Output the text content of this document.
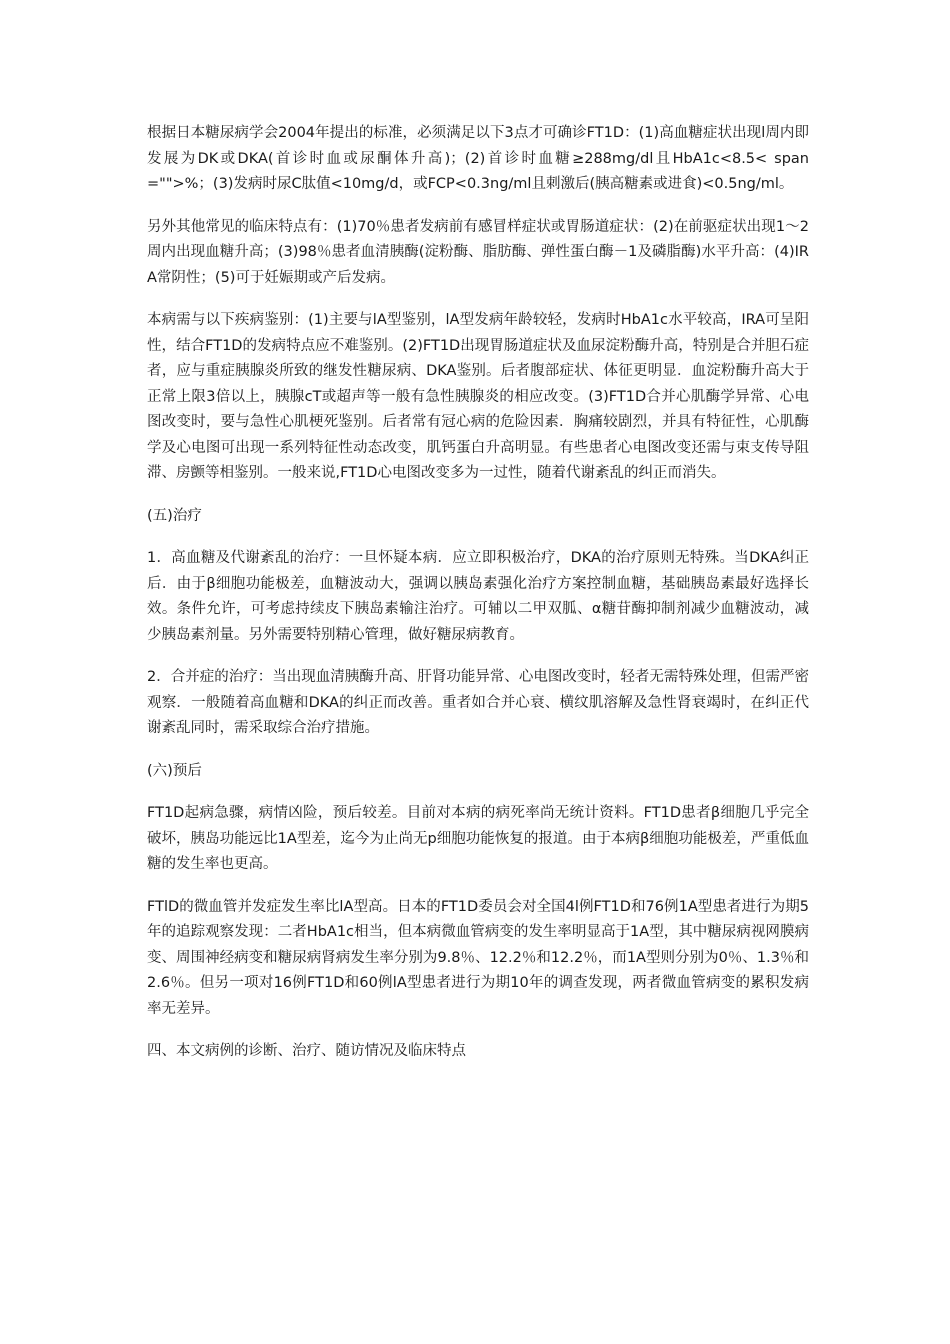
根据日本糖尿病学会2004年提出的标准，必须满足以下3点才可确诊FT1D：(1)高血糖症状出现l周内即发展为DK或DKA(首诊时血或尿酮体升高)；(2)首诊时血糖≥288mg/dl且HbA1c<8.5< span="">%；(3)发病时尿C肽值<10mg/d，或FCP<0.3ng/ml且刺激后(胰高糖素或进食)<0.5ng/ml。

另外其他常见的临床特点有：(1)70％患者发病前有感冒样症状或胃肠道症状：(2)在前驱症状出现1～2周内出现血糖升高；(3)98％患者血清胰酶(淀粉酶、脂肪酶、弹性蛋白酶－1及磷脂酶)水平升高：(4)IRA常阴性；(5)可于妊娠期或产后发病。

本病需与以下疾病鉴别：(1)主要与lA型鉴别，lA型发病年龄较轻，发病时HbA1c水平较高，IRA可呈阳性，结合FT1D的发病特点应不难鉴别。(2)FT1D出现胃肠道症状及血尿淀粉酶升高，特别是合并胆石症者，应与重症胰腺炎所致的继发性糖尿病、DKA鉴别。后者腹部症状、体征更明显．血淀粉酶升高大于正常上限3倍以上，胰腺cT或超声等一般有急性胰腺炎的相应改变。(3)FT1D合并心肌酶学异常、心电图改变时，要与急性心肌梗死鉴别。后者常有冠心病的危险因素．胸痛较剧烈，并具有特征性，心肌酶学及心电图可出现一系列特征性动态改变，肌钙蛋白升高明显。有些患者心电图改变还需与束支传导阻滞、房颤等相鉴别。一般来说,FT1D心电图改变多为一过性，随着代谢紊乱的纠正而消失。

(五)治疗

1．高血糖及代谢紊乱的治疗：一旦怀疑本病．应立即积极治疗，DKA的治疗原则无特殊。当DKA纠正后．由于β细胞功能极差，血糖波动大，强调以胰岛素强化治疗方案控制血糖，基础胰岛素最好选择长效。条件允许，可考虑持续皮下胰岛素输注治疗。可辅以二甲双胍、α糖苷酶抑制剂减少血糖波动，减少胰岛素剂量。另外需要特别精心管理，做好糖尿病教育。

2．合并症的治疗：当出现血清胰酶升高、肝肾功能异常、心电图改变时，轻者无需特殊处理，但需严密观察．一般随着高血糖和DKA的纠正而改善。重者如合并心衰、横纹肌溶解及急性肾衰竭时，在纠正代谢紊乱同时，需采取综合治疗措施。

(六)预后

FT1D起病急骤，病情凶险，预后较差。目前对本病的病死率尚无统计资料。FT1D患者β细胞几乎完全破坏，胰岛功能远比1A型差，迄今为止尚无p细胞功能恢复的报道。由于本病β细胞功能极差，严重低血糖的发生率也更高。

FTlD的微血管并发症发生率比lA型高。日本的FT1D委员会对全国4l例FT1D和76例1A型患者进行为期5年的追踪观察发现：二者HbA1c相当，但本病微血管病变的发生率明显高于1A型，其中糖尿病视网膜病变、周围神经病变和糖尿病肾病发生率分别为9.8％、12.2％和12.2％，而1A型则分别为0％、1.3％和2.6％。但另一项对16例FT1D和60例lA型患者进行为期10年的调查发现，两者微血管病变的累积发病率无差异。

四、本文病例的诊断、治疗、随访情况及临床特点
